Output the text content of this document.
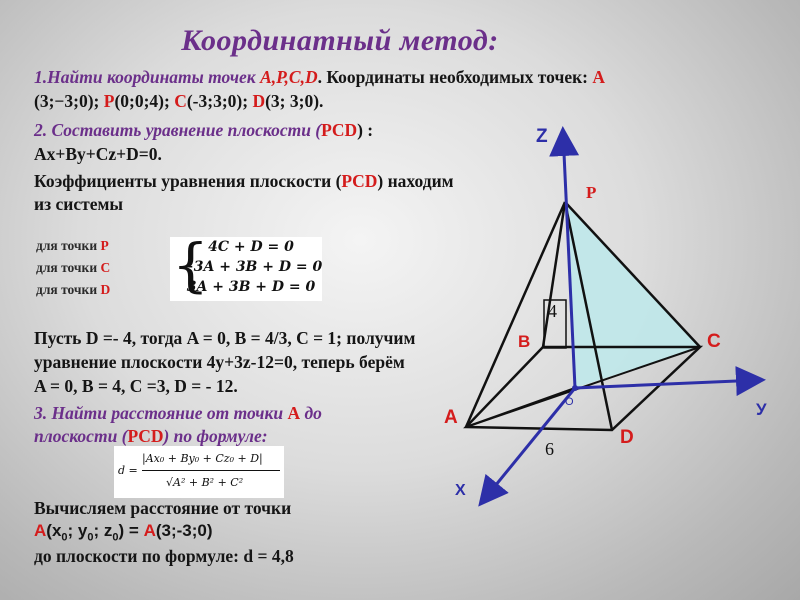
Координатный метод:
1.Найти координаты точек А,P,C,D. Координаты необходимых точек: А
(3;−3;0); P(0;0;4); C(-3;3;0); D(3; 3;0).
2. Составить уравнение плоскости (PCD) :
Ax+By+Cz+D=0.
Коэффициенты уравнения плоскости (PCD) находим
из системы
для точки P
для точки C
для точки D { 4C + D = 0
−3A + 3B + D = 0
3A + 3B + D = 0
Пусть D =- 4, тогда A = 0, B = 4/3, C = 1; получим
уравнение плоскости 4y+3z-12=0, теперь берём
A = 0, B = 4, C =3, D = - 12.
3. Найти расстояние от точки А до
плоскости (PCD) по формуле:
d =
|Ax₀ + By₀ + Cz₀ + D|
√A² + B² + C²
Вычисляем расстояние от точки
$А(x_0$; $y_0$; $z_0$) = А(3;-3;0)
до плоскости по формуле: d = 4,8
Z
P
4
B	C
O	У
A
D
6
X
